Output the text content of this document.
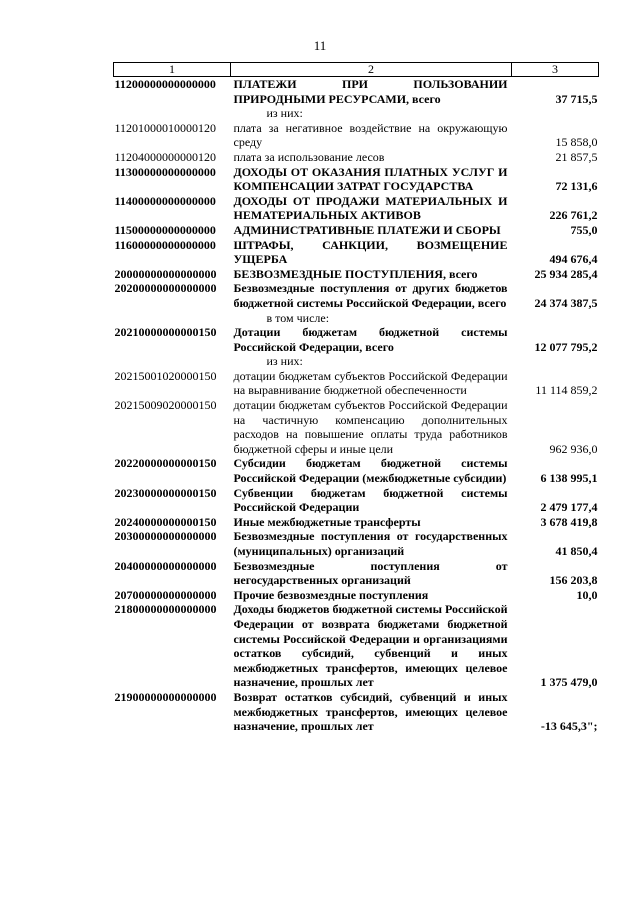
11
1	2	3
11200000000000000	ПЛАТЕЖИ ПРИ ПОЛЬЗОВАНИИ ПРИРОДНЫМИ РЕСУРСАМИ, всего	37 715,5
	из них:	
11201000010000120	плата за негативное воздействие на окружающую среду	15 858,0
11204000000000120	плата за использование лесов	21 857,5
11300000000000000	ДОХОДЫ ОТ ОКАЗАНИЯ ПЛАТНЫХ УСЛУГ И КОМПЕНСАЦИИ ЗАТРАТ ГОСУДАРСТВА	72 131,6
11400000000000000	ДОХОДЫ ОТ ПРОДАЖИ МАТЕРИАЛЬНЫХ И НЕМАТЕРИАЛЬНЫХ АКТИВОВ	226 761,2
11500000000000000	АДМИНИСТРАТИВНЫЕ ПЛАТЕЖИ И СБОРЫ	755,0
11600000000000000	ШТРАФЫ, САНКЦИИ, ВОЗМЕЩЕНИЕ УЩЕРБА	494 676,4
20000000000000000	БЕЗВОЗМЕЗДНЫЕ ПОСТУПЛЕНИЯ, всего	25 934 285,4
20200000000000000	Безвозмездные поступления от других бюджетов бюджетной системы Российской Федерации, всего	24 374 387,5
	в том числе:	
20210000000000150	Дотации бюджетам бюджетной системы Российской Федерации, всего	12 077 795,2
	из них:	
20215001020000150	дотации бюджетам субъектов Российской Федерации на выравнивание бюджетной обеспеченности	11 114 859,2
20215009020000150	дотации бюджетам субъектов Российской Федерации на частичную компенсацию дополнительных расходов на повышение оплаты труда работников бюджетной сферы и иные цели	962 936,0
20220000000000150	Субсидии бюджетам бюджетной системы Российской Федерации (межбюджетные субсидии)	6 138 995,1
20230000000000150	Субвенции бюджетам бюджетной системы Российской Федерации	2 479 177,4
20240000000000150	Иные межбюджетные трансферты	3 678 419,8
20300000000000000	Безвозмездные поступления от государственных (муниципальных) организаций	41 850,4
20400000000000000	Безвозмездные поступления от негосударственных организаций	156 203,8
20700000000000000	Прочие безвозмездные поступления	10,0
21800000000000000	Доходы бюджетов бюджетной системы Российской Федерации от возврата бюджетами бюджетной системы Российской Федерации и организациями остатков субсидий, субвенций и иных межбюджетных трансфертов, имеющих целевое назначение, прошлых лет	1 375 479,0
21900000000000000	Возврат остатков субсидий, субвенций и иных межбюджетных трансфертов, имеющих целевое назначение, прошлых лет	-13 645,3";
